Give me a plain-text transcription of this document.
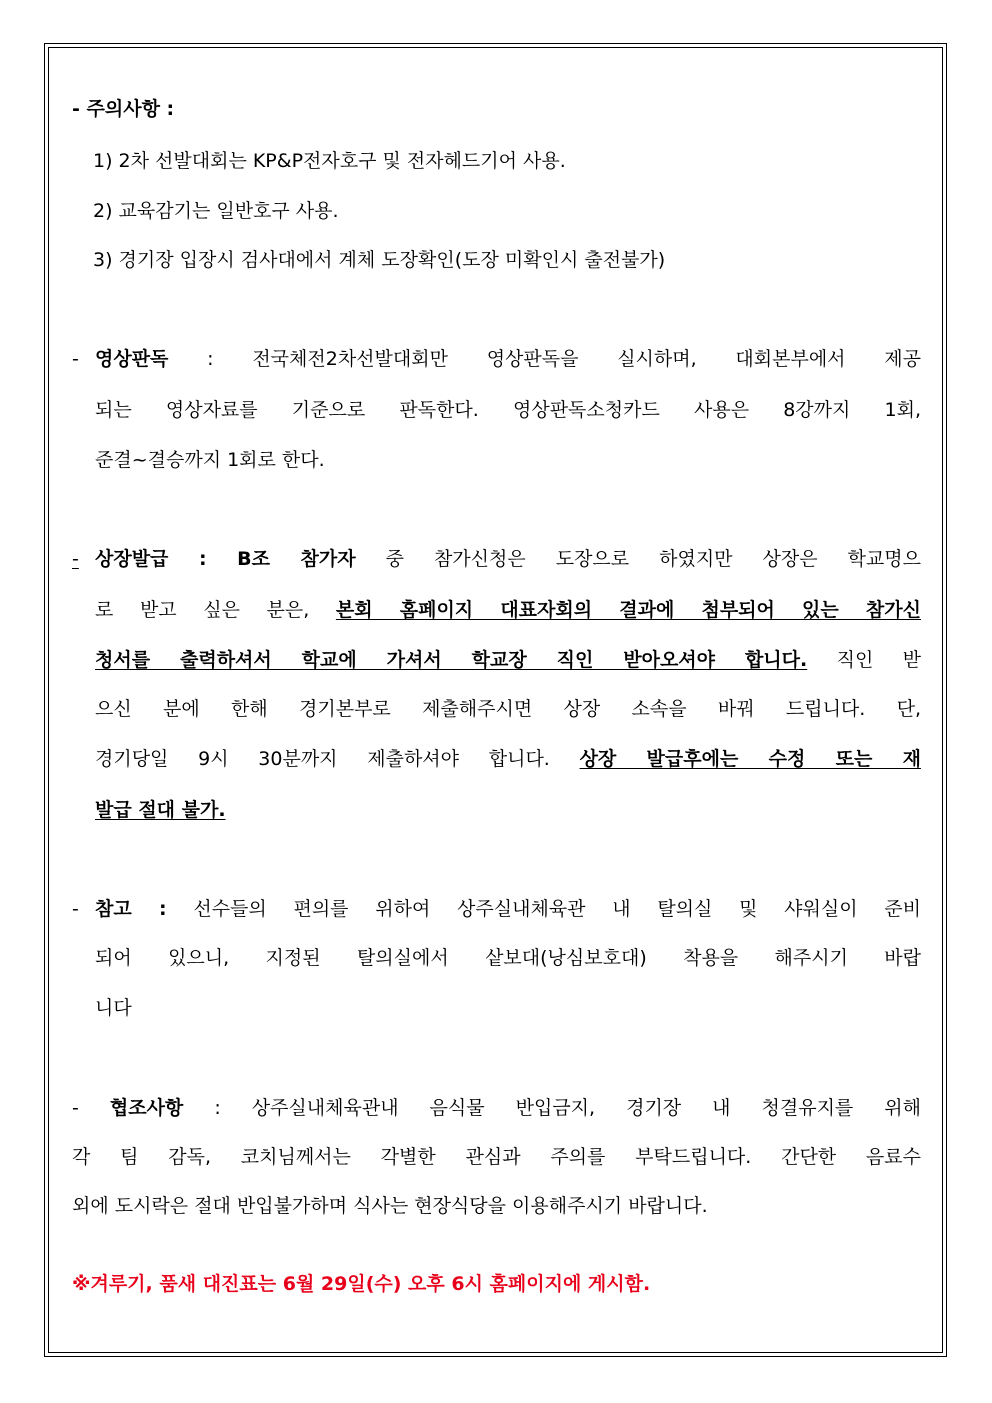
- 주의사항 :
1) 2차 선발대회는 KP&P전자호구 및 전자헤드기어 사용.
2) 교육감기는 일반호구 사용.
3) 경기장 입장시 검사대에서 계체 도장확인(도장 미확인시 출전불가)
- 영상판독 : 전국체전2차선발대회만 영상판독을 실시하며, 대회본부에서 제공
되는 영상자료를 기준으로 판독한다. 영상판독소청카드 사용은 8강까지 1회,
준결~결승까지 1회로 한다.
- 상장발급 : B조 참가자 중 참가신청은 도장으로 하였지만 상장은 학교명으
로 받고 싶은 분은, 본회 홈페이지 대표자회의 결과에 첨부되어 있는 참가신
청서를 출력하셔서 학교에 가셔서 학교장 직인 받아오셔야 합니다. 직인 받
으신 분에 한해 경기본부로 제출해주시면 상장 소속을 바꿔 드립니다. 단,
경기당일 9시 30분까지 제출하셔야 합니다. 상장 발급후에는 수정 또는 재
발급 절대 불가.
- 참고 : 선수들의 편의를 위하여 상주실내체육관 내 탈의실 및 샤워실이 준비
되어 있으니, 지정된 탈의실에서 샅보대(낭심보호대) 착용을 해주시기 바랍
니다
- 협조사항 : 상주실내체육관내 음식물 반입금지, 경기장 내 청결유지를 위해
각 팀 감독, 코치님께서는 각별한 관심과 주의를 부탁드립니다. 간단한 음료수
외에 도시락은 절대 반입불가하며 식사는 현장식당을 이용해주시기 바랍니다.
※겨루기, 품새 대진표는 6월 29일(수) 오후 6시 홈페이지에 게시함.
